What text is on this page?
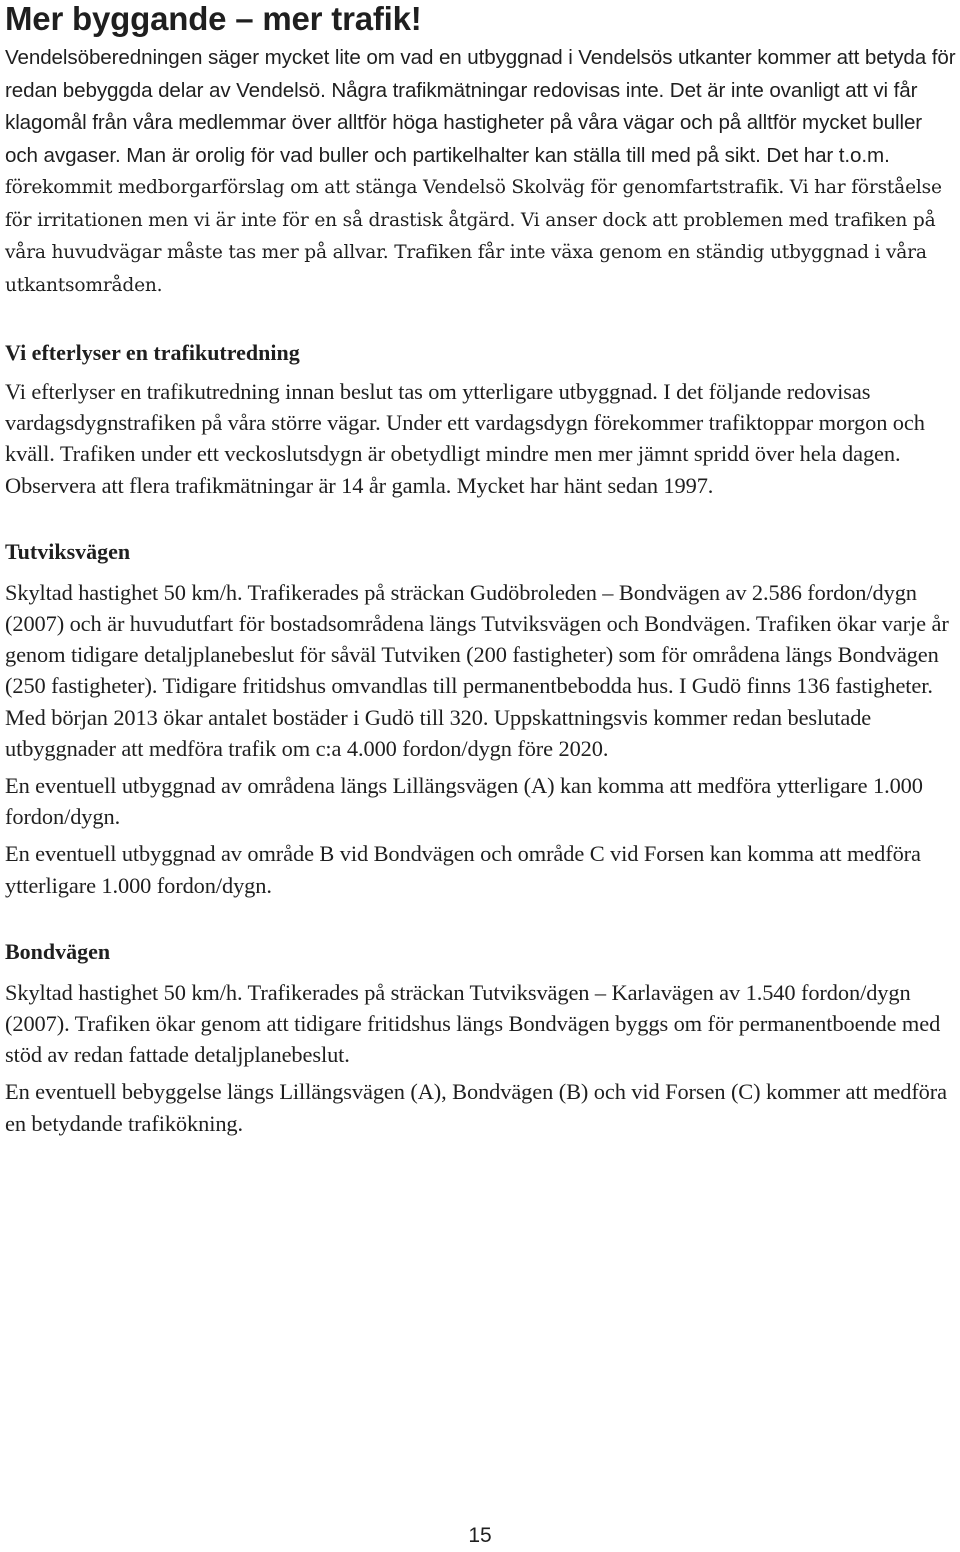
Mer byggande – mer trafik!

Vendelsöberedningen säger mycket lite om vad en utbyggnad i Vendelsös utkanter kommer att betyda för redan bebyggda delar av Vendelsö. Några trafikmätningar redovisas inte. Det är inte ovanligt att vi får klagomål från våra medlemmar över alltför höga hastigheter på våra vägar och på alltför mycket buller och avgaser. Man är orolig för vad buller och partikelhalter kan ställa till med på sikt. Det har t.o.m.

förekommit medborgarförslag om att stänga Vendelsö Skolväg för genomfartstrafik. Vi har förståelse för irritationen men vi är inte för en så drastisk åtgärd. Vi anser dock att problemen med trafiken på våra huvudvägar måste tas mer på allvar. Trafiken får inte växa genom en ständig utbyggnad i våra utkantsområden.

Vi efterlyser en trafikutredning

Vi efterlyser en trafikutredning innan beslut tas om ytterligare utbyggnad. I det följande redovisas vardagsdygnstrafiken på våra större vägar. Under ett vardagsdygn förekommer trafiktoppar morgon och kväll. Trafiken under ett veckoslutsdygn är obetydligt mindre men mer jämnt spridd över hela dagen. Observera att flera trafikmätningar är 14 år gamla. Mycket har hänt sedan 1997.

Tutviksvägen

Skyltad hastighet 50 km/h. Trafikerades på sträckan Gudöbroleden – Bondvägen av 2.586 fordon/dygn (2007) och är huvudutfart för bostadsområdena längs Tutviksvägen och Bondvägen. Trafiken ökar varje år genom tidigare detaljplanebeslut för såväl Tutviken (200 fastigheter) som för områdena längs Bondvägen (250 fastigheter). Tidigare fritidshus omvandlas till permanentbebodda hus. I Gudö finns 136 fastigheter. Med början 2013 ökar antalet bostäder i Gudö till 320. Uppskattningsvis kommer redan beslutade utbyggnader att medföra trafik om c:a 4.000 fordon/dygn före 2020.

En eventuell utbyggnad av områdena längs Lillängsvägen (A) kan komma att medföra ytterligare 1.000 fordon/dygn.

En eventuell utbyggnad av område B vid Bondvägen och område C vid Forsen kan komma att medföra ytterligare 1.000 fordon/dygn.

Bondvägen

Skyltad hastighet 50 km/h. Trafikerades på sträckan Tutviksvägen – Karlavägen av 1.540 fordon/dygn (2007). Trafiken ökar genom att tidigare fritidshus längs Bondvägen byggs om för permanentboende med stöd av redan fattade detaljplanebeslut.

En eventuell bebyggelse längs Lillängsvägen (A), Bondvägen (B) och vid Forsen (C) kommer att medföra en betydande trafikökning.

15
